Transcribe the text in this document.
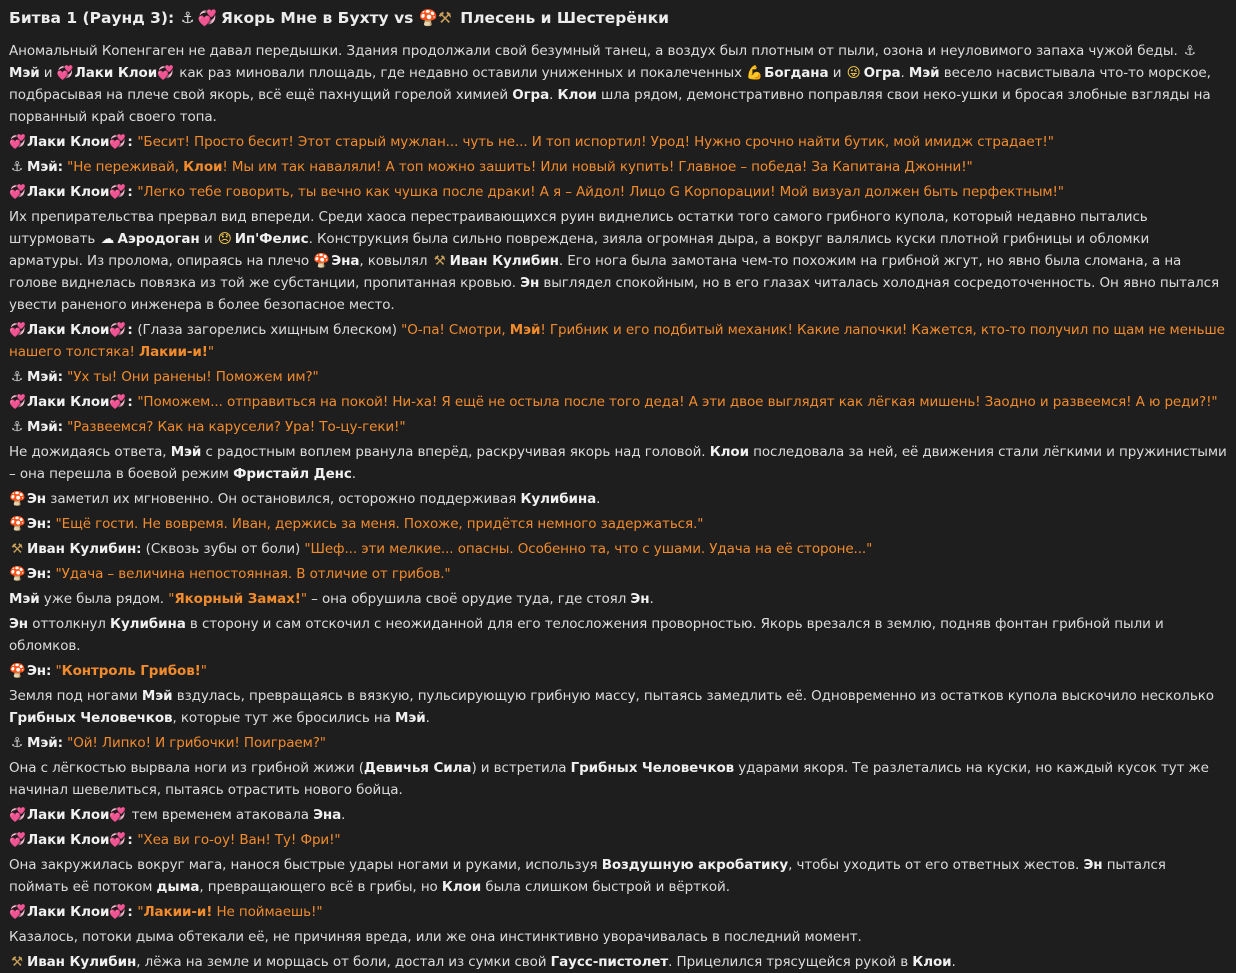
Битва 1 (Раунд 3): ⚓ 💞 Якорь Мне в Бухту vs 🍄⚒ Плесень и Шестерёнки
Аномальный Копенгаген не давал передышки. Здания продолжали свой безумный танец, а воздух был плотным от пыли, озона и неуловимого запаха чужой беды. ⚓Мэй и 💞Лаки Клои💞 как раз миновали площадь, где недавно оставили униженных и покалеченных 💪Богдана и 😜 Огра. Мэй весело насвистывала что-то морское, подбрасывая на плече свой якорь, всё ещё пахнущий горелой химией Огра. Клои шла рядом, демонстративно поправляя свои неко-ушки и бросая злобные взгляды на порванный край своего топа.
💞Лаки Клои💞: "Бесит! Просто бесит! Этот старый мужлан... чуть не... И топ испортил! Урод! Нужно срочно найти бутик, мой имидж страдает!"
⚓ Мэй: "Не переживай, Клои! Мы им так наваляли! А топ можно зашить! Или новый купить! Главное – победа! За Капитана Джонни!"
💞Лаки Клои💞: "Легко тебе говорить, ты вечно как чушка после драки! А я – Айдол! Лицо G Корпорации! Мой визуал должен быть перфектным!"
Их препирательства прервал вид впереди. Среди хаоса перестраивающихся руин виднелись остатки того самого грибного купола, который недавно пытались штурмовать ☁ Аэродоган и 😞 Ип'Фелис. Конструкция была сильно повреждена, зияла огромная дыра, а вокруг валялись куски плотной грибницы и обломки арматуры. Из пролома, опираясь на плечо 🍄Эна, ковылял ⚒ Иван Кулибин. Его нога была замотана чем-то похожим на грибной жгут, но явно была сломана, а на голове виднелась повязка из той же субстанции, пропитанная кровью. Эн выглядел спокойным, но в его глазах читалась холодная сосредоточенность. Он явно пытался увести раненого инженера в более безопасное место.
💞Лаки Клои💞: (Глаза загорелись хищным блеском) "О-па! Смотри, Мэй! Грибник и его подбитый механик! Какие лапочки! Кажется, кто-то получил по щам не меньше нашего толстяка! Лакии-и!"
⚓ Мэй: "Ух ты! Они ранены! Поможем им?"
💞Лаки Клои💞: "Поможем... отправиться на покой! Ни-ха! Я ещё не остыла после того деда! А эти двое выглядят как лёгкая мишень! Заодно и развеемся! А ю реди?!"
⚓ Мэй: "Развеемся? Как на карусели? Ура! То-цу-геки!"
Не дожидаясь ответа, Мэй с радостным воплем рванула вперёд, раскручивая якорь над головой. Клои последовала за ней, её движения стали лёгкими и пружинистыми – она перешла в боевой режим Фристайл Денс.
🍄Эн заметил их мгновенно. Он остановился, осторожно поддерживая Кулибина.
🍄Эн: "Ещё гости. Не вовремя. Иван, держись за меня. Похоже, придётся немного задержаться."
⚒ Иван Кулибин: (Сквозь зубы от боли) "Шеф... эти мелкие... опасны. Особенно та, что с ушами. Удача на её стороне..."
🍄Эн: "Удача – величина непостоянная. В отличие от грибов."
Мэй уже была рядом. "Якорный Замах!" – она обрушила своё орудие туда, где стоял Эн.
Эн оттолкнул Кулибина в сторону и сам отскочил с неожиданной для его телосложения проворностью. Якорь врезался в землю, подняв фонтан грибной пыли и обломков.
🍄Эн: "Контроль Грибов!"
Земля под ногами Мэй вздулась, превращаясь в вязкую, пульсирующую грибную массу, пытаясь замедлить её. Одновременно из остатков купола выскочило несколько Грибных Человечков, которые тут же бросились на Мэй.
⚓ Мэй: "Ой! Липко! И грибочки! Поиграем?"
Она с лёгкостью вырвала ноги из грибной жижи (Девичья Сила) и встретила Грибных Человечков ударами якоря. Те разлетались на куски, но каждый кусок тут же начинал шевелиться, пытаясь отрастить нового бойца.
💞Лаки Клои💞 тем временем атаковала Эна.
💞Лаки Клои💞: "Хеа ви го-оу! Ван! Ту! Фри!"
Она закружилась вокруг мага, нанося быстрые удары ногами и руками, используя Воздушную акробатику, чтобы уходить от его ответных жестов. Эн пытался поймать её потоком дыма, превращающего всё в грибы, но Клои была слишком быстрой и вёрткой.
💞Лаки Клои💞: "Лакии-и! Не поймаешь!"
Казалось, потоки дыма обтекали её, не причиняя вреда, или же она инстинктивно уворачивалась в последний момент.
⚒ Иван Кулибин, лёжа на земле и морщась от боли, достал из сумки свой Гаусс-пистолет. Прицелился трясущейся рукой в Клои.
